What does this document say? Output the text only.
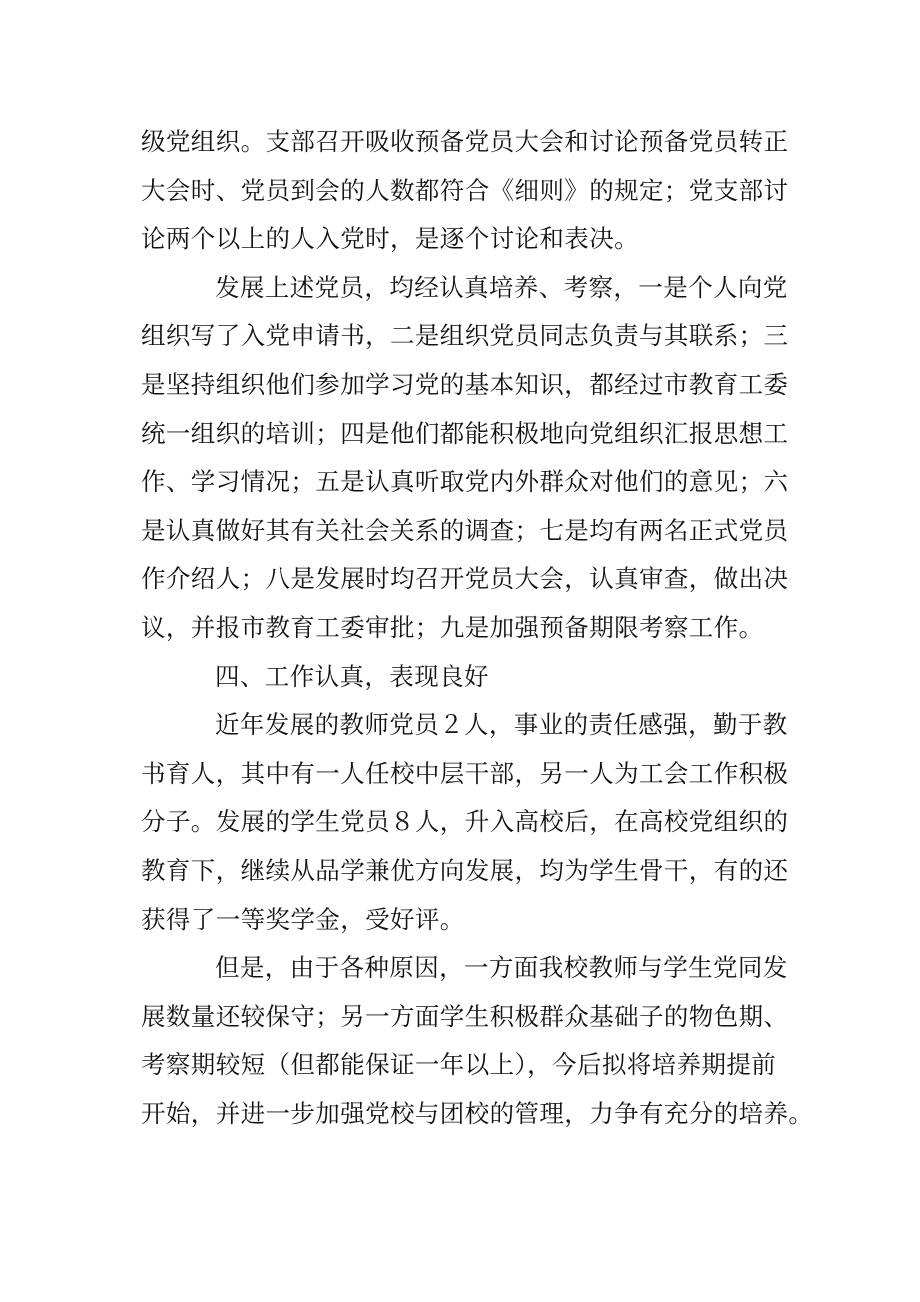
级党组织。支部召开吸收预备党员大会和讨论预备党员转正
大会时、党员到会的人数都符合《细则》的规定；党支部讨
论两个以上的人入党时，是逐个讨论和表决。
发展上述党员，均经认真培养、考察，一是个人向党
组织写了入党申请书，二是组织党员同志负责与其联系；三
是坚持组织他们参加学习党的基本知识，都经过市教育工委
统一组织的培训；四是他们都能积极地向党组织汇报思想工
作、学习情况；五是认真听取党内外群众对他们的意见；六
是认真做好其有关社会关系的调查；七是均有两名正式党员
作介绍人；八是发展时均召开党员大会，认真审查，做出决
议，并报市教育工委审批；九是加强预备期限考察工作。
四、工作认真，表现良好
近年发展的教师党员２人，事业的责任感强，勤于教
书育人，其中有一人任校中层干部，另一人为工会工作积极
分子。发展的学生党员８人，升入高校后，在高校党组织的
教育下，继续从品学兼优方向发展，均为学生骨干，有的还
获得了一等奖学金，受好评。
但是，由于各种原因，一方面我校教师与学生党同发
展数量还较保守；另一方面学生积极群众基础子的物色期、
考察期较短（但都能保证一年以上），今后拟将培养期提前
开始，并进一步加强党校与团校的管理，力争有充分的培养。
